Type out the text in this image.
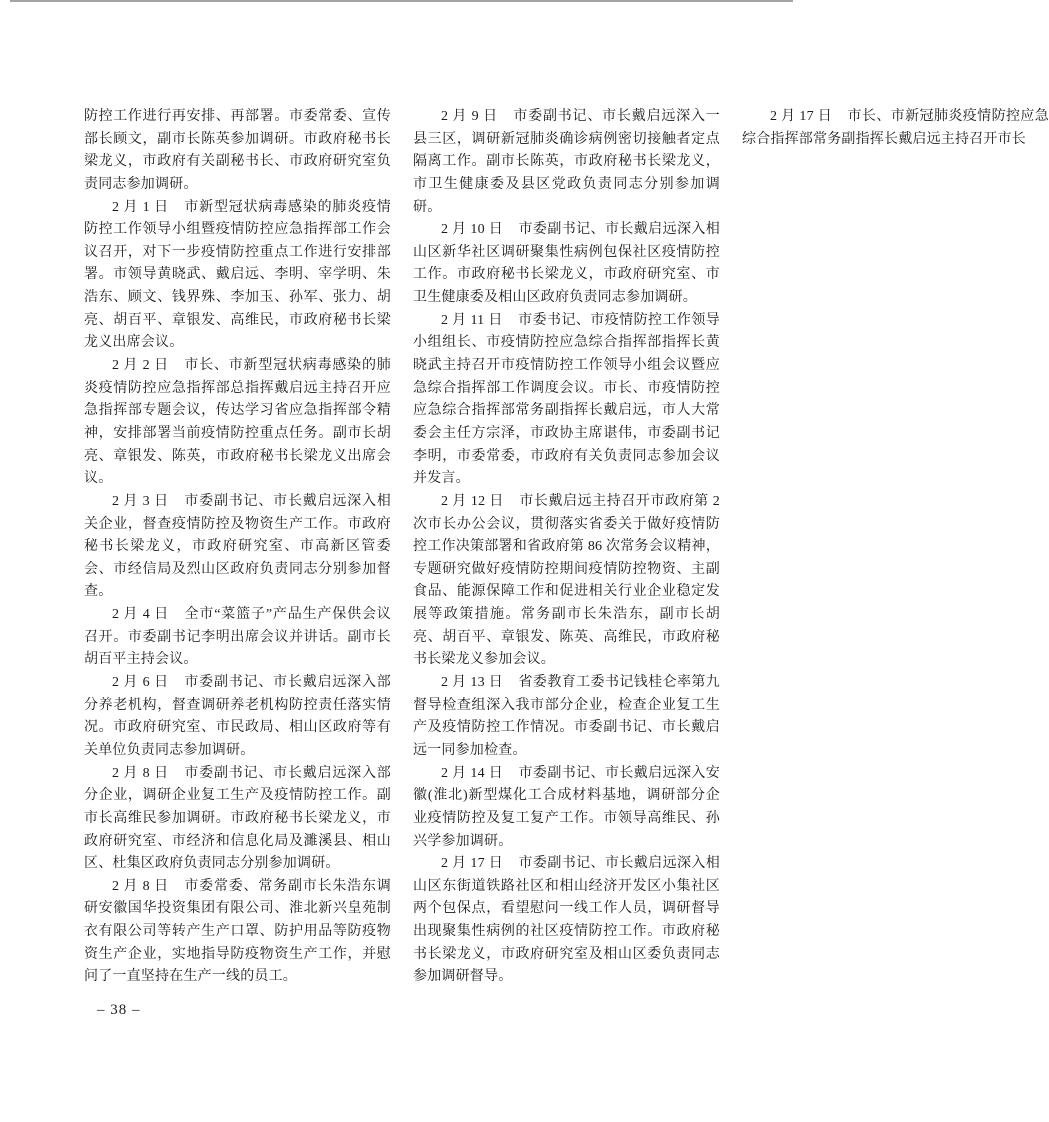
防控工作进行再安排、再部署。市委常委、宣传部长顾文，副市长陈英参加调研。市政府秘书长梁龙义，市政府有关副秘书长、市政府研究室负责同志参加调研。

2 月 1 日 市新型冠状病毒感染的肺炎疫情防控工作领导小组暨疫情防控应急指挥部工作会议召开，对下一步疫情防控重点工作进行安排部署。市领导黄晓武、戴启远、李明、宰学明、朱浩东、顾文、钱界殊、李加玉、孙军、张力、胡亮、胡百平、章银发、高维民，市政府秘书长梁龙义出席会议。

2 月 2 日 市长、市新型冠状病毒感染的肺炎疫情防控应急指挥部总指挥戴启远主持召开应急指挥部专题会议，传达学习省应急指挥部令精神，安排部署当前疫情防控重点任务。副市长胡亮、章银发、陈英，市政府秘书长梁龙义出席会议。

2 月 3 日 市委副书记、市长戴启远深入相关企业，督查疫情防控及物资生产工作。市政府秘书长梁龙义，市政府研究室、市高新区管委会、市经信局及烈山区政府负责同志分别参加督查。

2 月 4 日 全市“菜篮子”产品生产保供会议召开。市委副书记李明出席会议并讲话。副市长胡百平主持会议。

2 月 6 日 市委副书记、市长戴启远深入部分养老机构，督查调研养老机构防控责任落实情况。市政府研究室、市民政局、相山区政府等有关单位负责同志参加调研。

2 月 8 日 市委副书记、市长戴启远深入部分企业，调研企业复工生产及疫情防控工作。副市长高维民参加调研。市政府秘书长梁龙义，市政府研究室、市经济和信息化局及濉溪县、相山区、杜集区政府负责同志分别参加调研。

2 月 8 日 市委常委、常务副市长朱浩东调研安徽国华投资集团有限公司、淮北新兴皇苑制衣有限公司等转产生产口罩、防护用品等防疫物资生产企业，实地指导防疫物资生产工作，并慰问了一直坚持在生产一线的员工。

2 月 9 日 市委副书记、市长戴启远深入一县三区，调研新冠肺炎确诊病例密切接触者定点隔离工作。副市长陈英，市政府秘书长梁龙义，市卫生健康委及县区党政负责同志分别参加调研。

2 月 10 日 市委副书记、市长戴启远深入相山区新华社区调研聚集性病例包保社区疫情防控工作。市政府秘书长梁龙义，市政府研究室、市卫生健康委及相山区政府负责同志参加调研。

2 月 11 日 市委书记、市疫情防控工作领导小组组长、市疫情防控应急综合指挥部指挥长黄晓武主持召开市疫情防控工作领导小组会议暨应急综合指挥部工作调度会议。市长、市疫情防控应急综合指挥部常务副指挥长戴启远，市人大常委会主任方宗泽，市政协主席谌伟，市委副书记李明，市委常委，市政府有关负责同志参加会议并发言。

2 月 12 日 市长戴启远主持召开市政府第 2 次市长办公会议，贯彻落实省委关于做好疫情防控工作决策部署和省政府第 86 次常务会议精神，专题研究做好疫情防控期间疫情防控物资、主副食品、能源保障工作和促进相关行业企业稳定发展等政策措施。常务副市长朱浩东，副市长胡亮、胡百平、章银发、陈英、高维民，市政府秘书长梁龙义参加会议。

2 月 13 日 省委教育工委书记钱桂仑率第九督导检查组深入我市部分企业，检查企业复工生产及疫情防控工作情况。市委副书记、市长戴启远一同参加检查。

2 月 14 日 市委副书记、市长戴启远深入安徽(淮北)新型煤化工合成材料基地，调研部分企业疫情防控及复工复产工作。市领导高维民、孙兴学参加调研。

2 月 17 日 市委副书记、市长戴启远深入相山区东街道铁路社区和相山经济开发区小集社区两个包保点，看望慰问一线工作人员，调研督导出现聚集性病例的社区疫情防控工作。市政府秘书长梁龙义，市政府研究室及相山区委负责同志参加调研督导。

2 月 17 日 市长、市新冠肺炎疫情防控应急综合指挥部常务副指挥长戴启远主持召开市长

– 38 –
